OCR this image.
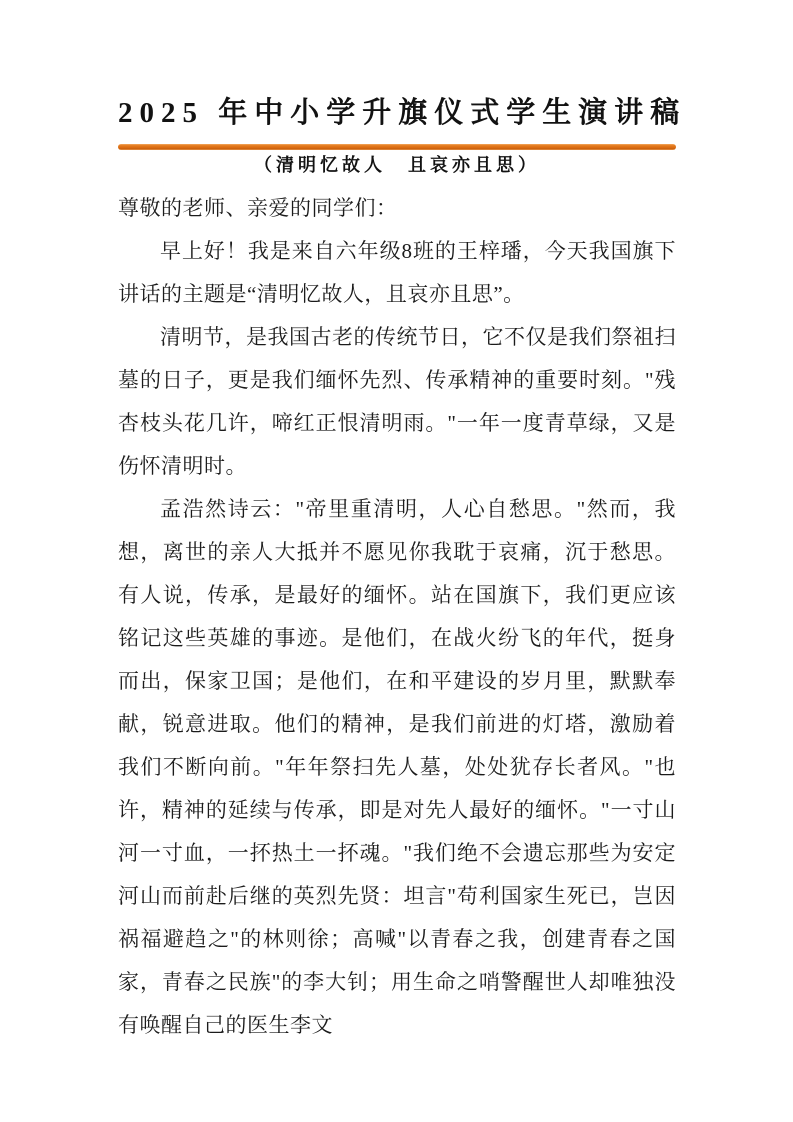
2025 年中小学升旗仪式学生演讲稿
（清明忆故人　且哀亦且思）

尊敬的老师、亲爱的同学们：

早上好！我是来自六年级8班的王梓璠，今天我国旗下讲话的主题是“清明忆故人，且哀亦且思”。

清明节，是我国古老的传统节日，它不仅是我们祭祖扫墓的日子，更是我们缅怀先烈、传承精神的重要时刻。"残杏枝头花几许，啼红正恨清明雨。"一年一度青草绿，又是伤怀清明时。

孟浩然诗云："帝里重清明，人心自愁思。"然而，我想，离世的亲人大抵并不愿见你我耽于哀痛，沉于愁思。有人说，传承，是最好的缅怀。站在国旗下，我们更应该铭记这些英雄的事迹。是他们，在战火纷飞的年代，挺身而出，保家卫国；是他们，在和平建设的岁月里，默默奉献，锐意进取。他们的精神，是我们前进的灯塔，激励着我们不断向前。"年年祭扫先人墓，处处犹存长者风。"也许，精神的延续与传承，即是对先人最好的缅怀。"一寸山河一寸血，一抔热土一抔魂。"我们绝不会遗忘那些为安定河山而前赴后继的英烈先贤：坦言"苟利国家生死已，岂因祸福避趋之"的林则徐；高喊"以青春之我，创建青春之国家，青春之民族"的李大钊；用生命之哨警醒世人却唯独没有唤醒自己的医生李文
